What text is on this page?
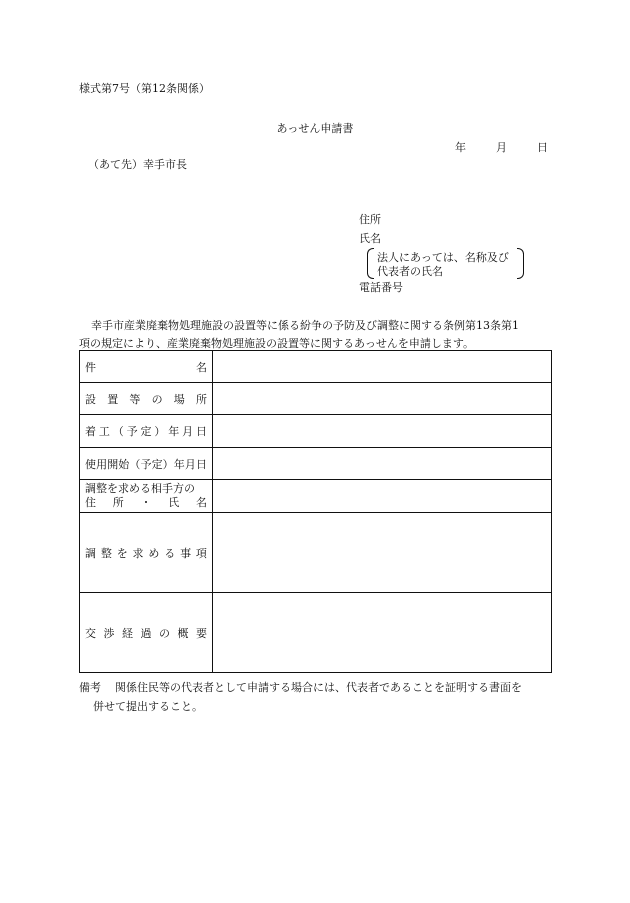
様式第7号（第12条関係）
あっせん申請書
年	月	日
（あて先）幸手市長
住所
氏名
法人にあっては、名称及び
代表者の氏名
電話番号
幸手市産業廃棄物処理施設の設置等に係る紛争の予防及び調整に関する条例第13条第1
項の規定により、産業廃棄物処理施設の設置等に関するあっせんを申請します。
件	名
設 置 等 の 場 所
着 工 （ 予 定 ） 年 月 日
使 用 開 始 （ 予 定 ） 年 月 日
調整を求める相手方の
住 所 ・ 氏 名
調 整 を 求 め る 事 項
交 渉 経 過 の 概 要
備考 関係住民等の代表者として申請する場合には、代表者であることを証明する書面を
併せて提出すること。
